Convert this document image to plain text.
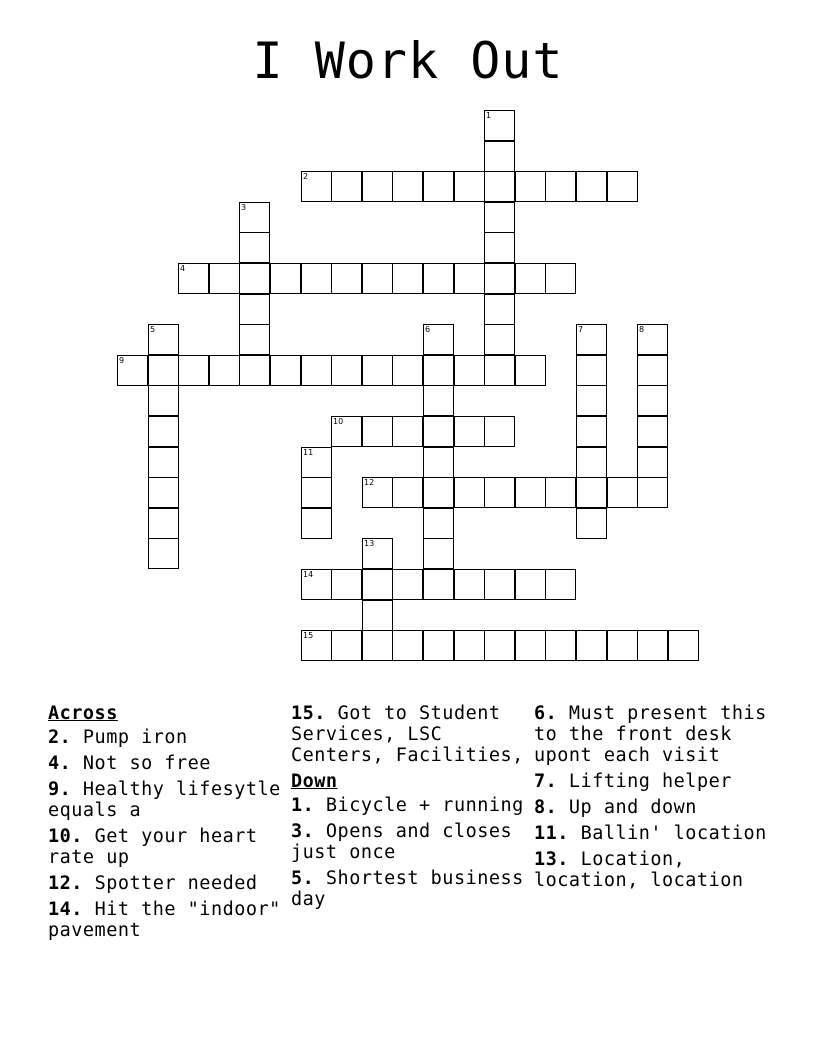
I Work Out
1
2
3
4
5	6	7	8
9
10
11
12
13
14
15
Across
2. Pump iron
4. Not so free
9. Healthy lifesytle equals a
10. Get your heart rate up
12. Spotter needed
14. Hit the "indoor" pavement
15. Got to Student Services, LSC Centers, Facilities,
Down
1. Bicycle + running
3. Opens and closes just once
5. Shortest business day
6. Must present this to the front desk upont each visit
7. Lifting helper
8. Up and down
11. Ballin' location
13. Location, location, location
